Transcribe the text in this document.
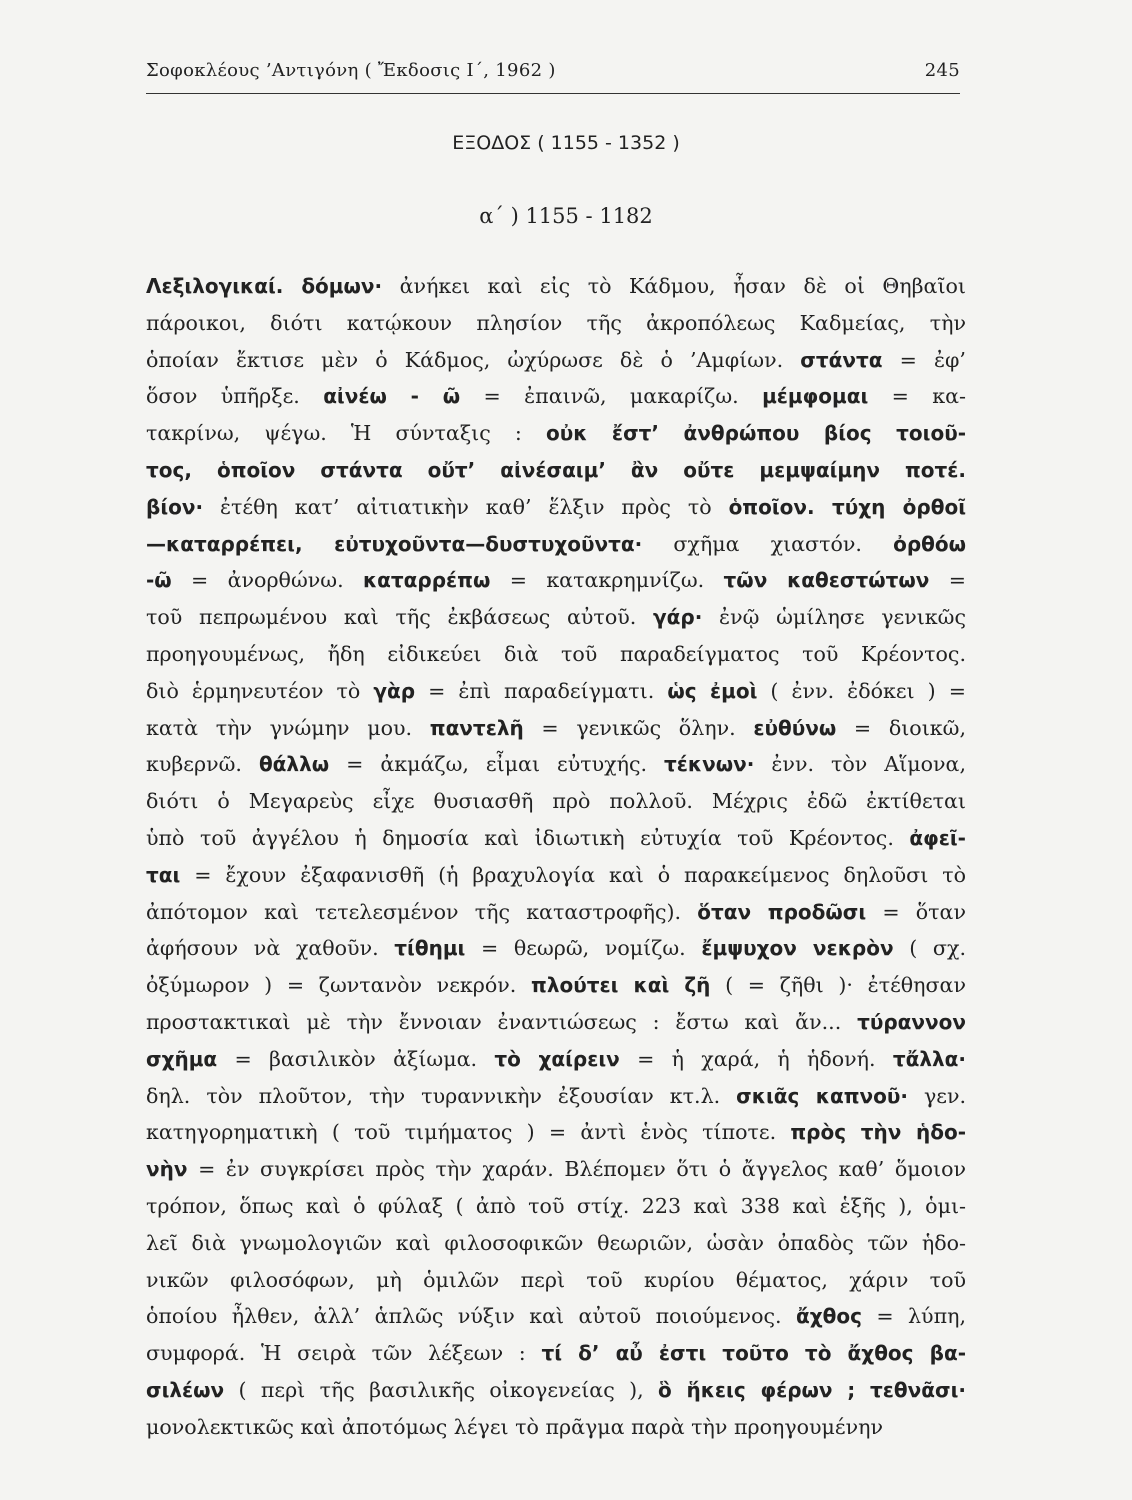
Σοφοκλέους ’Αντιγόνη ( Ἔκδοσις Ι΄, 1962 )	245
ΕΞΟΔΟΣ ( 1155 - 1352 )
α΄ ) 1155 - 1182
Λεξιλογικαί. δόμων· ἀνήκει καὶ εἰς τὸ Κάδμου, ἦσαν δὲ οἱ Θηβαῖοι
πάροικοι, διότι κατῴκουν πλησίον τῆς ἀκροπόλεως Καδμείας, τὴν
ὁποίαν ἔκτισε μὲν ὁ Κάδμος, ὠχύρωσε δὲ ὁ ’Αμφίων. στάντα = ἐφ’
ὅσον ὑπῆρξε. αἰνέω - ῶ = ἐπαινῶ, μακαρίζω. μέμφομαι = κα-
τακρίνω, ψέγω. Ἡ σύνταξις : οὐκ ἔστ’ ἀνθρώπου βίος τοιοῦ-
τος, ὁποῖον στάντα οὔτ’ αἰνέσαιμ’ ἂν οὔτε μεμψαίμην ποτέ.
βίον· ἐτέθη κατ’ αἰτιατικὴν καθ’ ἕλξιν πρὸς τὸ ὁποῖον. τύχη ὀρθοῖ
—καταρρέπει, εὐτυχοῦντα—δυστυχοῦντα· σχῆμα χιαστόν. ὀρθόω
-ῶ = ἀνορθώνω. καταρρέπω = κατακρημνίζω. τῶν καθεστώτων =
τοῦ πεπρωμένου καὶ τῆς ἐκβάσεως αὐτοῦ. γάρ· ἐνῷ ὡμίλησε γενικῶς
προηγουμένως, ἤδη εἰδικεύει διὰ τοῦ παραδείγματος τοῦ Κρέοντος.
διὸ ἑρμηνευτέον τὸ γὰρ = ἐπὶ παραδείγματι. ὡς ἐμοὶ ( ἐνν. ἐδόκει ) =
κατὰ τὴν γνώμην μου. παντελῆ = γενικῶς ὅλην. εὐθύνω = διοικῶ,
κυβερνῶ. θάλλω = ἀκμάζω, εἶμαι εὐτυχής. τέκνων· ἐνν. τὸν Αἵμονα,
διότι ὁ Μεγαρεὺς εἶχε θυσιασθῆ πρὸ πολλοῦ. Μέχρις ἐδῶ ἐκτίθεται
ὑπὸ τοῦ ἀγγέλου ἡ δημοσία καὶ ἰδιωτικὴ εὐτυχία τοῦ Κρέοντος. ἀφεῖ-
ται = ἔχουν ἐξαφανισθῆ (ἡ βραχυλογία καὶ ὁ παρακείμενος δηλοῦσι τὸ
ἀπότομον καὶ τετελεσμένον τῆς καταστροφῆς). ὅταν προδῶσι = ὅταν
ἀφήσουν νὰ χαθοῦν. τίθημι = θεωρῶ, νομίζω. ἔμψυχον νεκρὸν ( σχ.
ὀξύμωρον ) = ζωντανὸν νεκρόν. πλούτει καὶ ζῆ ( = ζῆθι )· ἐτέθησαν
προστακτικαὶ μὲ τὴν ἔννοιαν ἐναντιώσεως : ἔστω καὶ ἄν... τύραννον
σχῆμα = βασιλικὸν ἀξίωμα. τὸ χαίρειν = ἡ χαρά, ἡ ἡδονή. τἄλλα·
δηλ. τὸν πλοῦτον, τὴν τυραννικὴν ἐξουσίαν κτ.λ. σκιᾶς καπνοῦ· γεν.
κατηγορηματικὴ ( τοῦ τιμήματος ) = ἀντὶ ἑνὸς τίποτε. πρὸς τὴν ἡδο-
νὴν = ἐν συγκρίσει πρὸς τὴν χαράν. Βλέπομεν ὅτι ὁ ἄγγελος καθ’ ὅμοιον
τρόπον, ὅπως καὶ ὁ φύλαξ ( ἀπὸ τοῦ στίχ. 223 καὶ 338 καὶ ἑξῆς ), ὁμι-
λεῖ διὰ γνωμολογιῶν καὶ φιλοσοφικῶν θεωριῶν, ὡσὰν ὀπαδὸς τῶν ἡδο-
νικῶν φιλοσόφων, μὴ ὁμιλῶν περὶ τοῦ κυρίου θέματος, χάριν τοῦ
ὁποίου ἦλθεν, ἀλλ’ ἁπλῶς νύξιν καὶ αὐτοῦ ποιούμενος. ἄχθος = λύπη,
συμφορά. Ἡ σειρὰ τῶν λέξεων : τί δ’ αὖ ἐστι τοῦτο τὸ ἄχθος βα-
σιλέων ( περὶ τῆς βασιλικῆς οἰκογενείας ), ὃ ἥκεις φέρων ; τεθνᾶσι·
μονολεκτικῶς καὶ ἀποτόμως λέγει τὸ πρᾶγμα παρὰ τὴν προηγουμένην
